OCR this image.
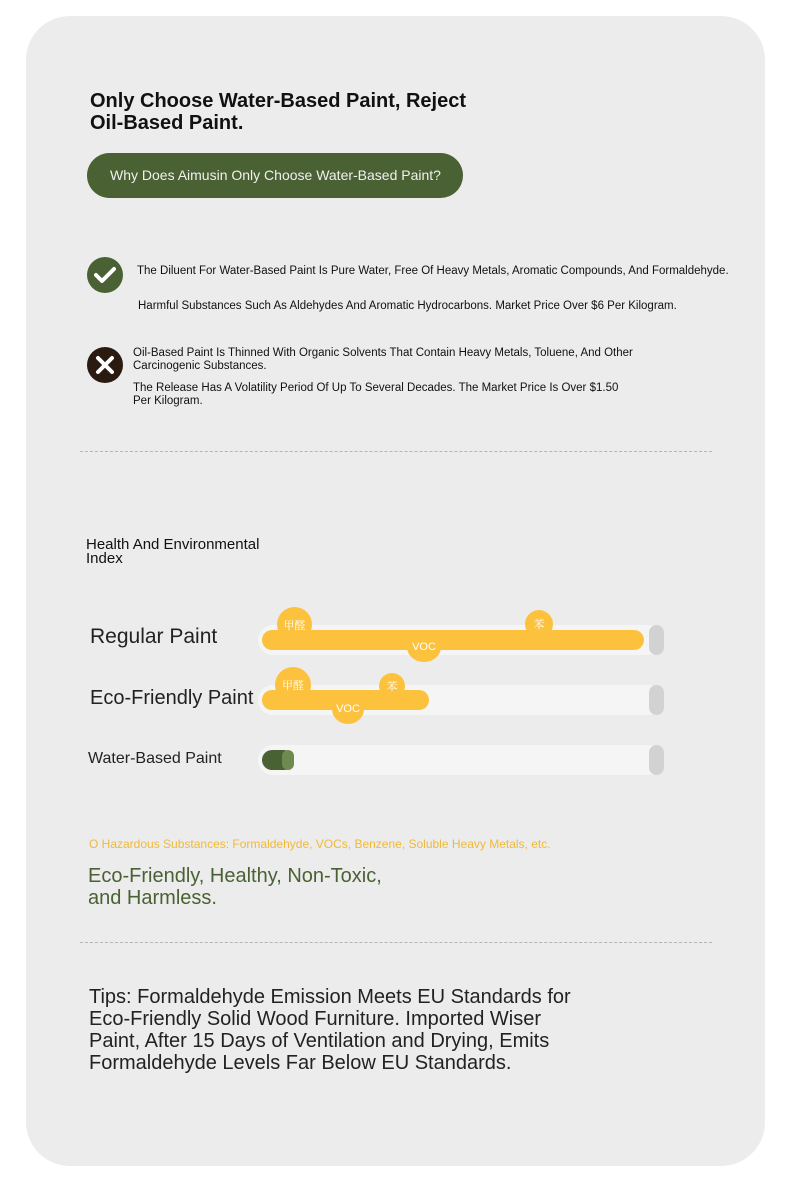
Only Choose Water-Based Paint, Reject Oil-Based Paint.
Why Does Aimusin Only Choose Water-Based Paint?
The Diluent For Water-Based Paint Is Pure Water, Free Of Heavy Metals, Aromatic Compounds, And Formaldehyde.
Harmful Substances Such As Aldehydes And Aromatic Hydrocarbons. Market Price Over $6 Per Kilogram.
Oil-Based Paint Is Thinned With Organic Solvents That Contain Heavy Metals, Toluene, And Other Carcinogenic Substances.
The Release Has A Volatility Period Of Up To Several Decades. The Market Price Is Over $1.50 Per Kilogram.
Health And Environmental Index
Regular Paint	甲醛	苯
VOC
Eco-Friendly Paint
甲醛	苯
VOC
Water-Based Paint
O Hazardous Substances: Formaldehyde, VOCs, Benzene, Soluble Heavy Metals, etc.
Eco-Friendly, Healthy, Non-Toxic, and Harmless.
Tips: Formaldehyde Emission Meets EU Standards for Eco-Friendly Solid Wood Furniture. Imported Wiser Paint, After 15 Days of Ventilation and Drying, Emits Formaldehyde Levels Far Below EU Standards.
